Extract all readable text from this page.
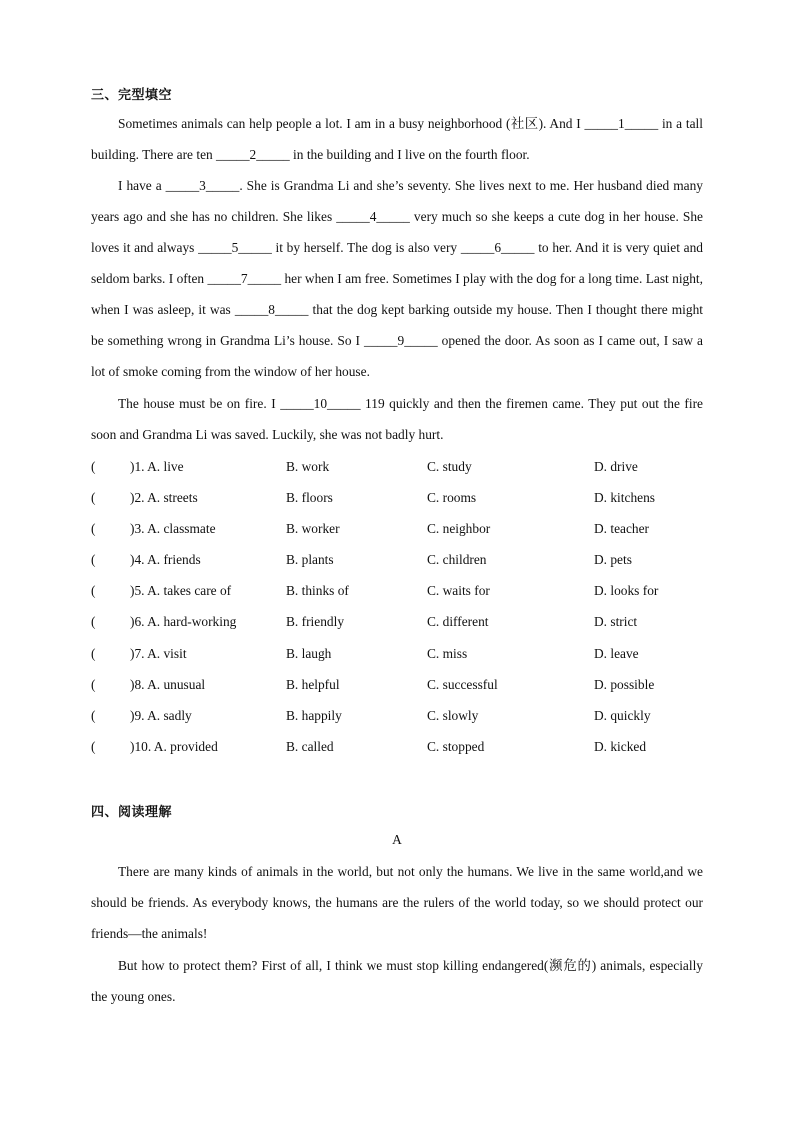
三、完型填空
Sometimes animals can help people a lot. I am in a busy neighborhood (社区). And I _____1_____ in a tall building. There are ten _____2_____ in the building and I live on the fourth floor.
I have a _____3_____. She is Grandma Li and she’s seventy. She lives next to me. Her husband died many years ago and she has no children. She likes _____4_____ very much so she keeps a cute dog in her house. She loves it and always _____5_____ it by herself. The dog is also very _____6_____ to her. And it is very quiet and seldom barks. I often _____7_____ her when I am free. Sometimes I play with the dog for a long time. Last night, when I was asleep, it was _____8_____ that the dog kept barking outside my house. Then I thought there might be something wrong in Grandma Li’s house. So I _____9_____ opened the door. As soon as I came out, I saw a lot of smoke coming from the window of her house.
The house must be on fire. I _____10_____ 119 quickly and then the firemen came. They put out the fire soon and Grandma Li was saved. Luckily, she was not badly hurt.
(	)1. A. live	B. work	C. study	D. drive
(	)2. A. streets	B. floors	C. rooms	D. kitchens
(	)3. A. classmate	B. worker	C. neighbor	D. teacher
(	)4. A. friends	B. plants	C. children	D. pets
(	)5. A. takes care of	B. thinks of	C. waits for	D. looks for
(	)6. A. hard-working	B. friendly	C. different	D. strict
(	)7. A. visit	B. laugh	C. miss	D. leave
(	)8. A. unusual	B. helpful	C. successful	D. possible
(	)9. A. sadly	B. happily	C. slowly	D. quickly
(	)10. A. provided	B. called	C. stopped	D. kicked
四、阅读理解
A
There are many kinds of animals in the world, but not only the humans. We live in the same world,and we should be friends. As everybody knows, the humans are the rulers of the world today, so we should protect our friends—the animals!
But how to protect them? First of all, I think we must stop killing endangered(濒危的) animals, especially the young ones.
